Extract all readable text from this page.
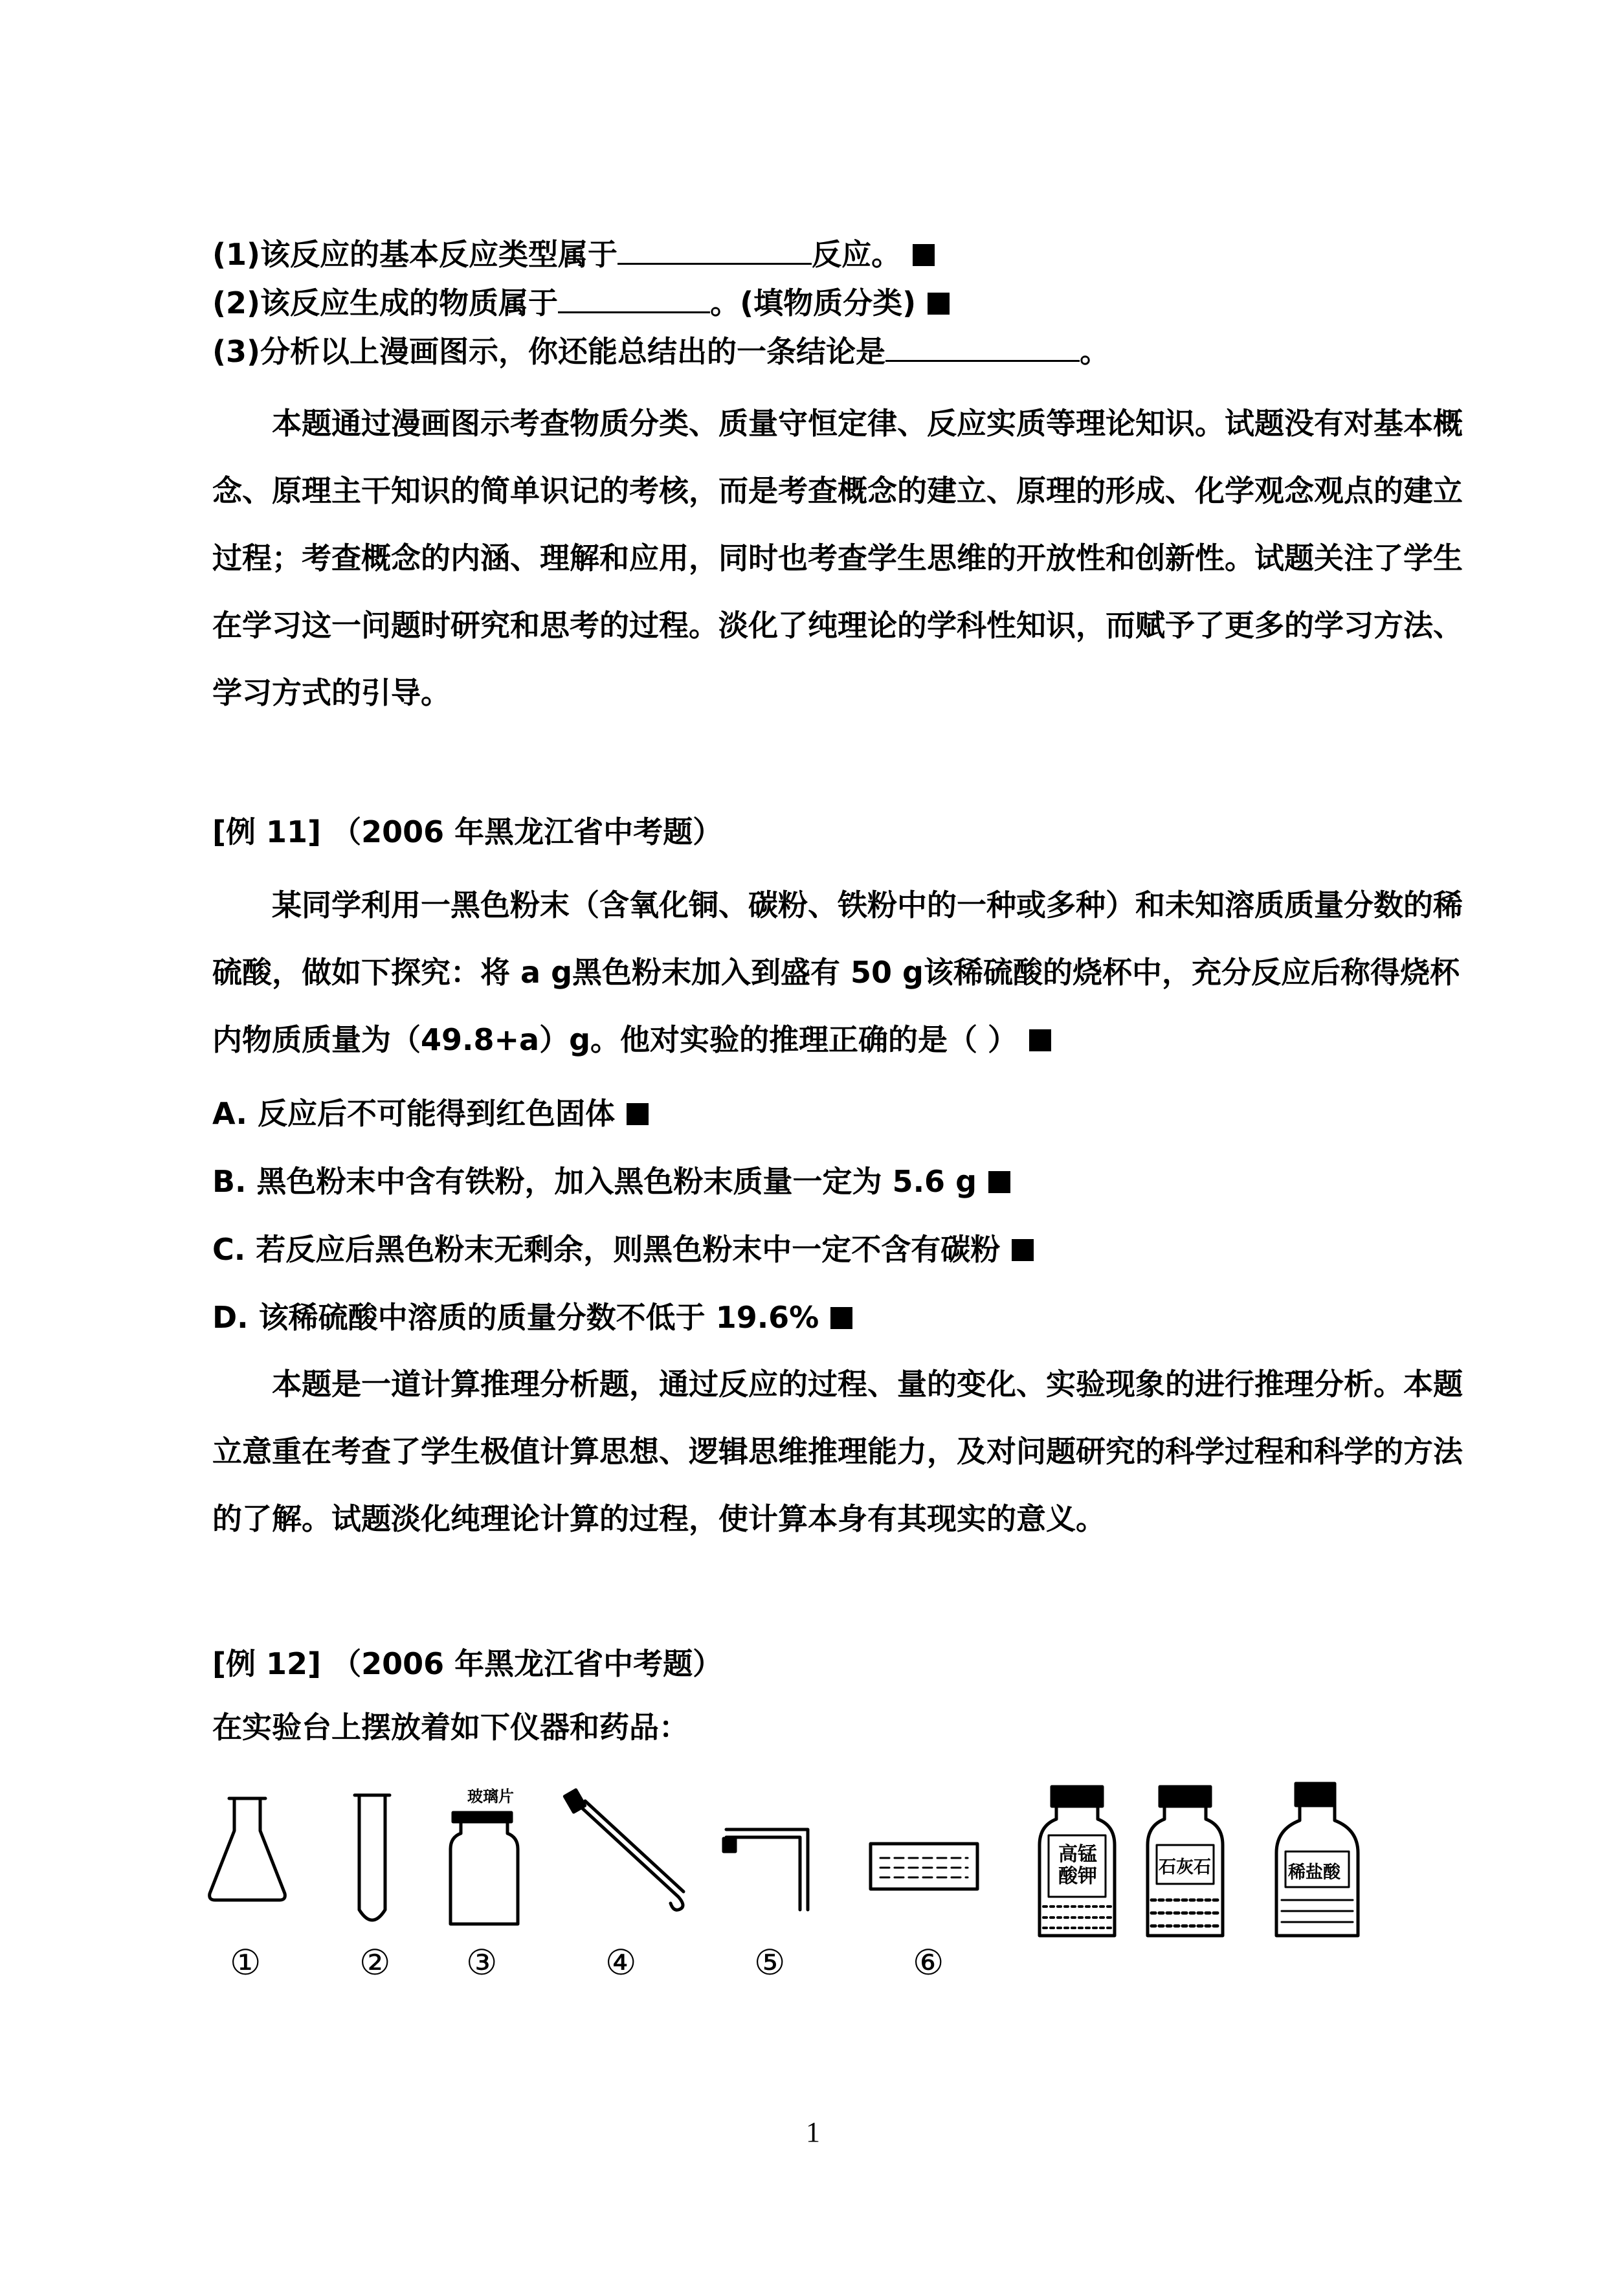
(1)该反应的基本反应类型属于	反应。
(2)该反应生成的物质属于	。(填物质分类)
(3)分析以上漫画图示，你还能总结出的一条结论是	。
本题通过漫画图示考查物质分类、质量守恒定律、反应实质等理论知识。试题没有对基本概念、原理主干知识的简单识记的考核，而是考查概念的建立、原理的形成、化学观念观点的建立过程；考查概念的内涵、理解和应用，同时也考查学生思维的开放性和创新性。试题关注了学生在学习这一问题时研究和思考的过程。淡化了纯理论的学科性知识，而赋予了更多的学习方法、学习方式的引导。
[例 11] （2006 年黑龙江省中考题）
某同学利用一黑色粉末（含氧化铜、碳粉、铁粉中的一种或多种）和未知溶质质量分数的稀硫酸，做如下探究：将 a g黑色粉末加入到盛有 50 g该稀硫酸的烧杯中，充分反应后称得烧杯内物质质量为（49.8+a）g。他对实验的推理正确的是（ ）
A. 反应后不可能得到红色固体
B. 黑色粉末中含有铁粉，加入黑色粉末质量一定为 5.6 g
C. 若反应后黑色粉末无剩余，则黑色粉末中一定不含有碳粉
D. 该稀硫酸中溶质的质量分数不低于 19.6%
本题是一道计算推理分析题，通过反应的过程、量的变化、实验现象的进行推理分析。本题立意重在考查了学生极值计算思想、逻辑思维推理能力，及对问题研究的科学过程和科学的方法的了解。试题淡化纯理论计算的过程，使计算本身有其现实的意义。
[例 12] （2006 年黑龙江省中考题）
在实验台上摆放着如下仪器和药品：
玻璃片
高锰酸钾	石灰石	稀盐酸
①	② ③	④	⑤	⑥
1
